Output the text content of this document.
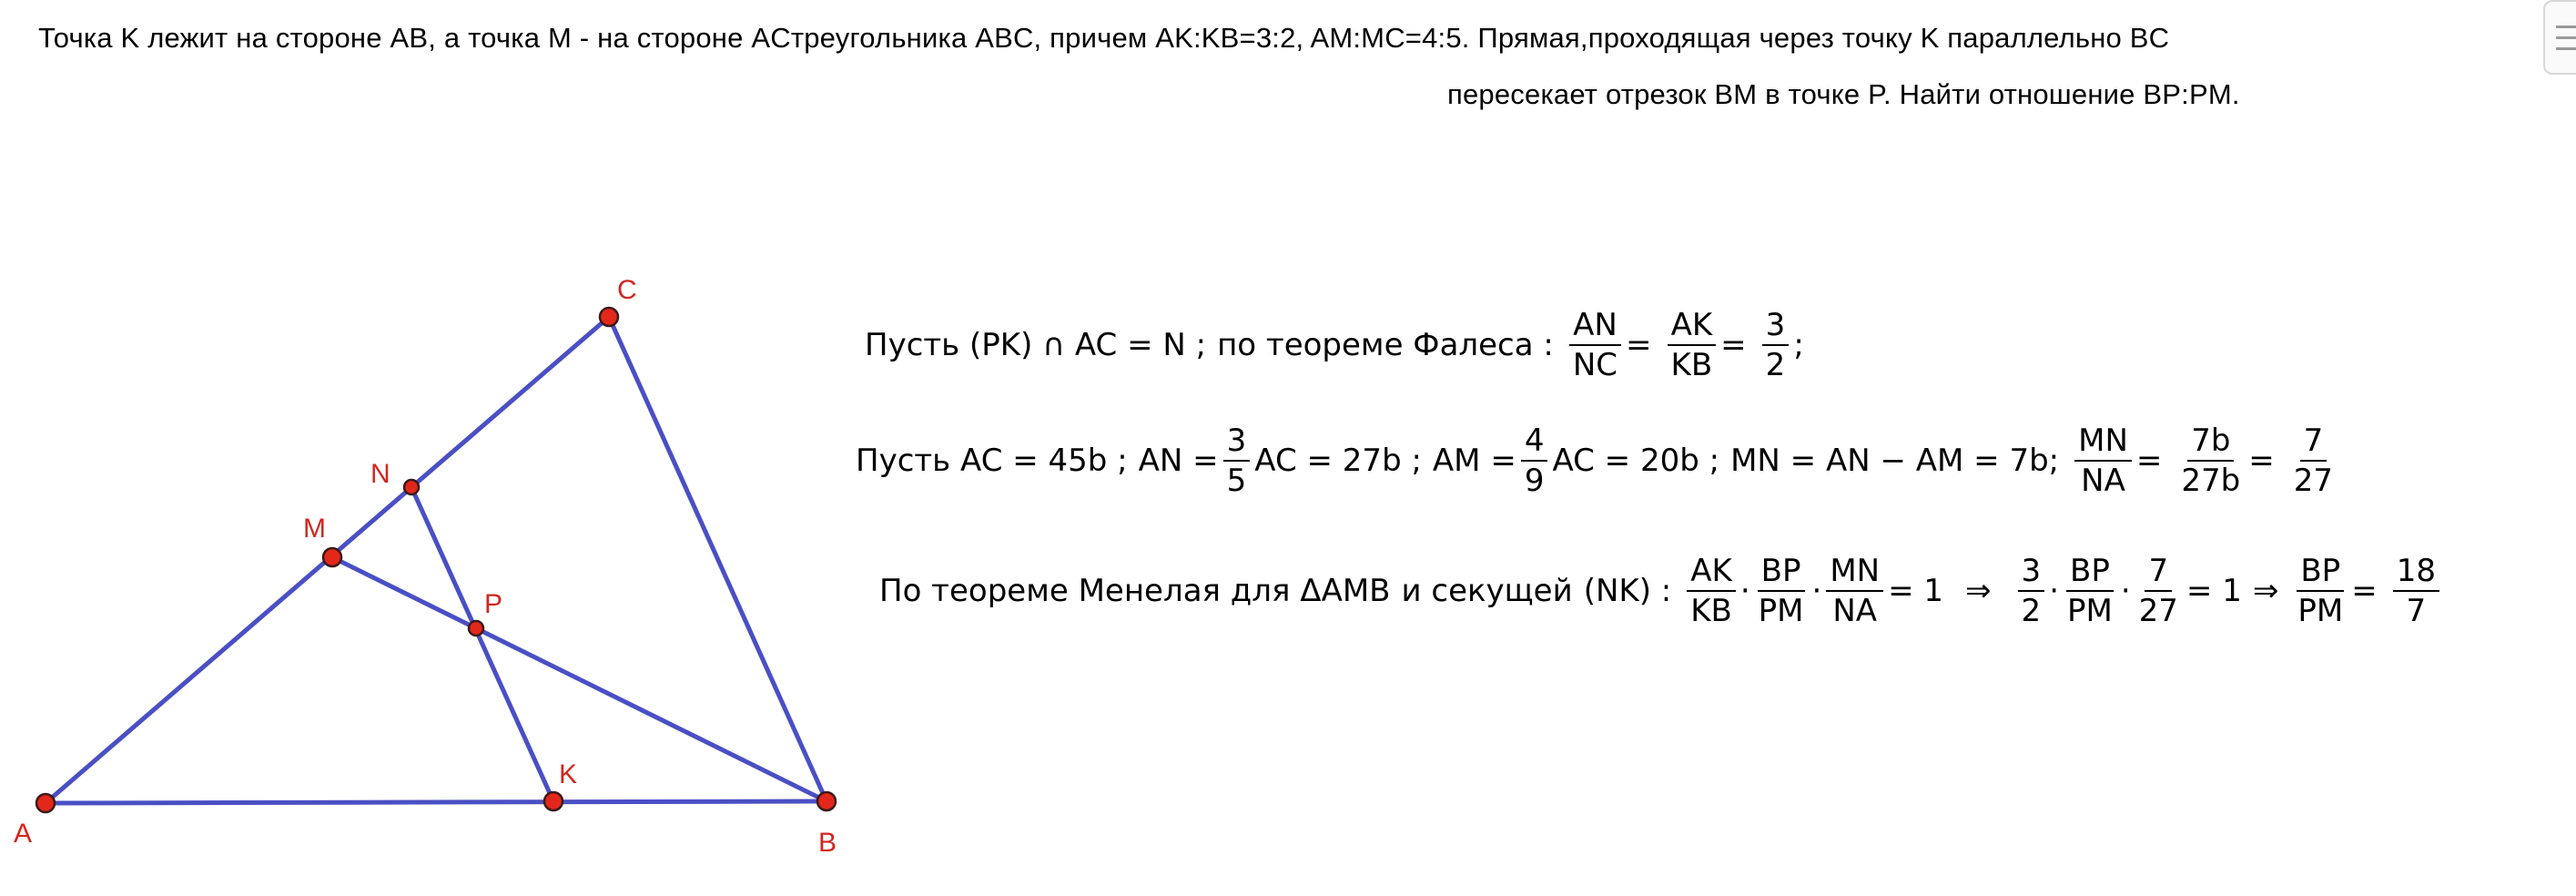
Точка K лежит на стороне AB, а точка M - на стороне ACтреугольника ABC, причем AK:KB=3:2, AM:MC=4:5. Прямая,проходящая через точку K параллельно BC
пересекает отрезок BM в точке P. Найти отношение BP:PM.
A	B
C
M
N
P
K
Пусть (PK) ∩ AC = N ; по теореме Фалеса : $\frac{AN}{NC} = \frac{AK}{KB} = \frac{3}{2}$ ;
Пусть AC = 45b ; AN = $\frac{3}{5}$ AC = 27b ; AM = $\frac{4}{9}$ AC = 20b ; MN = AN − AM = 7b; $\frac{MN}{NA} = \frac{7b}{27b} = \frac{7}{27}$
По теореме Менелая для ΔAMB и секущей (NK) : $\frac{AK}{KB} \cdot \frac{BP}{PM} \cdot \frac{MN}{NA} = 1$ ⇒ $\frac{3}{2} \cdot \frac{BP}{PM} \cdot \frac{7}{27} = 1$ ⇒ $\frac{BP}{PM} = \frac{18}{7}$
